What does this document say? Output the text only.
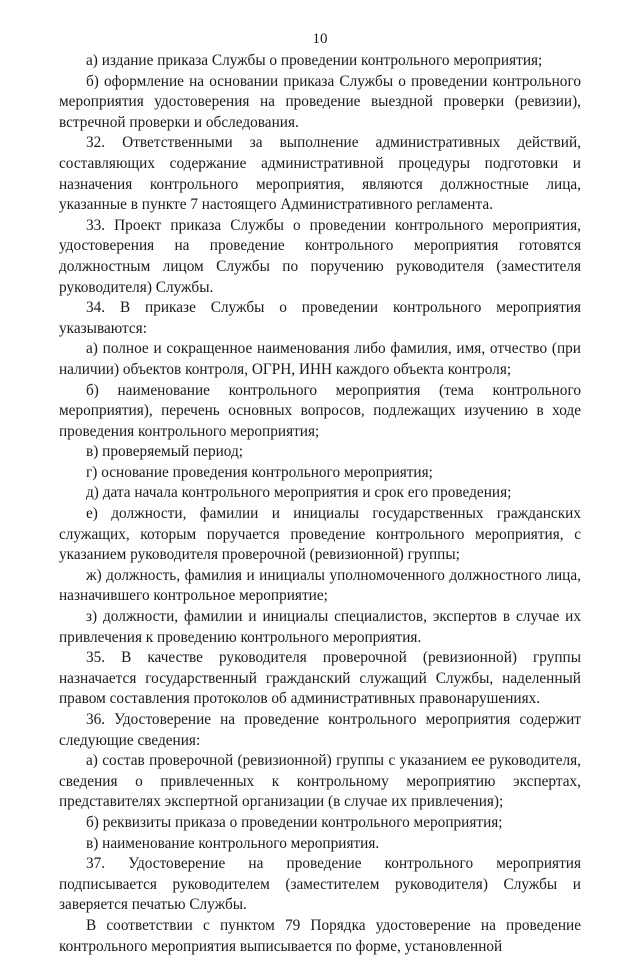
10

а) издание приказа Службы о проведении контрольного мероприятия;

б) оформление на основании приказа Службы о проведении контрольного мероприятия удостоверения на проведение выездной проверки (ревизии), встречной проверки и обследования.

32. Ответственными за выполнение административных действий, составляющих содержание административной процедуры подготовки и назначения контрольного мероприятия, являются должностные лица, указанные в пункте 7 настоящего Административного регламента.

33. Проект приказа Службы о проведении контрольного мероприятия, удостоверения на проведение контрольного мероприятия готовятся должностным лицом Службы по поручению руководителя (заместителя руководителя) Службы.

34. В приказе Службы о проведении контрольного мероприятия указываются:

а) полное и сокращенное наименования либо фамилия, имя, отчество (при наличии) объектов контроля, ОГРН, ИНН каждого объекта контроля;

б) наименование контрольного мероприятия (тема контрольного мероприятия), перечень основных вопросов, подлежащих изучению в ходе проведения контрольного мероприятия;

в) проверяемый период;

г) основание проведения контрольного мероприятия;

д) дата начала контрольного мероприятия и срок его проведения;

е) должности, фамилии и инициалы государственных гражданских служащих, которым поручается проведение контрольного мероприятия, с указанием руководителя проверочной (ревизионной) группы;

ж) должность, фамилия и инициалы уполномоченного должностного лица, назначившего контрольное мероприятие;

з) должности, фамилии и инициалы специалистов, экспертов в случае их привлечения к проведению контрольного мероприятия.

35. В качестве руководителя проверочной (ревизионной) группы назначается государственный гражданский служащий Службы, наделенный правом составления протоколов об административных правонарушениях.

36. Удостоверение на проведение контрольного мероприятия содержит следующие сведения:

а) состав проверочной (ревизионной) группы с указанием ее руководителя, сведения о привлеченных к контрольному мероприятию экспертах, представителях экспертной организации (в случае их привлечения);

б) реквизиты приказа о проведении контрольного мероприятия;

в) наименование контрольного мероприятия.

37. Удостоверение на проведение контрольного мероприятия подписывается руководителем (заместителем руководителя) Службы и заверяется печатью Службы.

В соответствии с пунктом 79 Порядка удостоверение на проведение контрольного мероприятия выписывается по форме, установленной
